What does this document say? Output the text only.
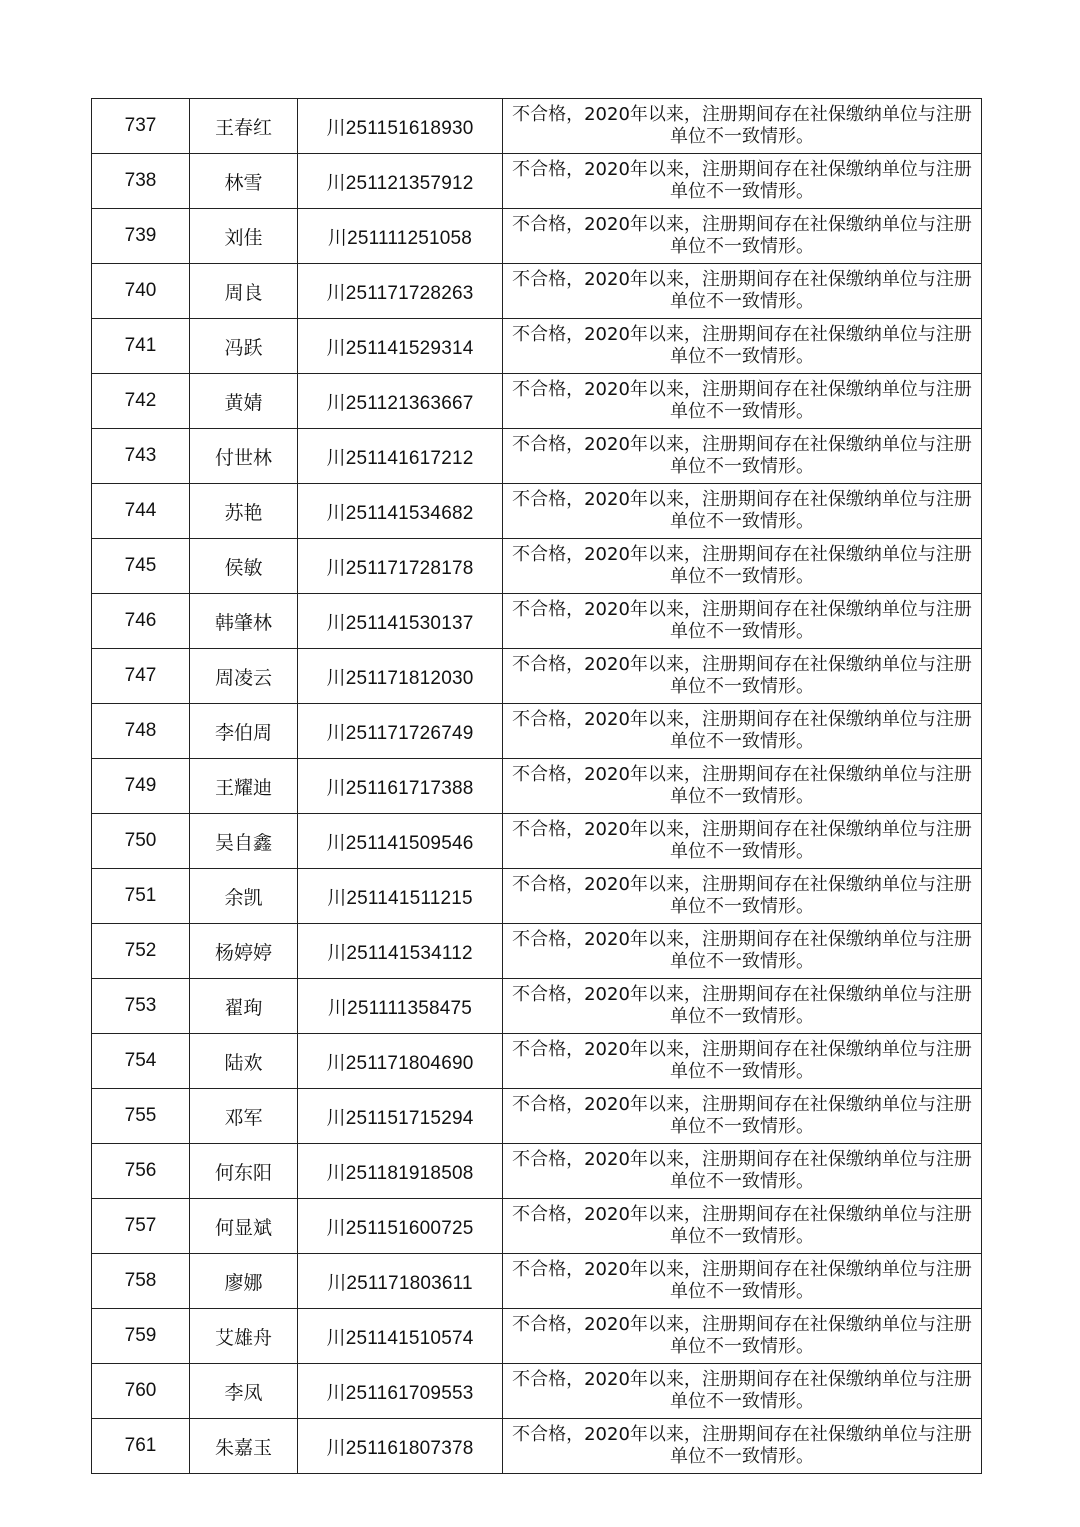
737	王春红	川251151618930	不合格，2020年以来，注册期间存在社保缴纳单位与注册单位不一致情形。
738	林雪	川251121357912	不合格，2020年以来，注册期间存在社保缴纳单位与注册单位不一致情形。
739	刘佳	川251111251058	不合格，2020年以来，注册期间存在社保缴纳单位与注册单位不一致情形。
740	周良	川251171728263	不合格，2020年以来，注册期间存在社保缴纳单位与注册单位不一致情形。
741	冯跃	川251141529314	不合格，2020年以来，注册期间存在社保缴纳单位与注册单位不一致情形。
742	黄婧	川251121363667	不合格，2020年以来，注册期间存在社保缴纳单位与注册单位不一致情形。
743	付世林	川251141617212	不合格，2020年以来，注册期间存在社保缴纳单位与注册单位不一致情形。
744	苏艳	川251141534682	不合格，2020年以来，注册期间存在社保缴纳单位与注册单位不一致情形。
745	侯敏	川251171728178	不合格，2020年以来，注册期间存在社保缴纳单位与注册单位不一致情形。
746	韩肇林	川251141530137	不合格，2020年以来，注册期间存在社保缴纳单位与注册单位不一致情形。
747	周凌云	川251171812030	不合格，2020年以来，注册期间存在社保缴纳单位与注册单位不一致情形。
748	李伯周	川251171726749	不合格，2020年以来，注册期间存在社保缴纳单位与注册单位不一致情形。
749	王耀迪	川251161717388	不合格，2020年以来，注册期间存在社保缴纳单位与注册单位不一致情形。
750	吴自鑫	川251141509546	不合格，2020年以来，注册期间存在社保缴纳单位与注册单位不一致情形。
751	余凯	川251141511215	不合格，2020年以来，注册期间存在社保缴纳单位与注册单位不一致情形。
752	杨婷婷	川251141534112	不合格，2020年以来，注册期间存在社保缴纳单位与注册单位不一致情形。
753	翟珣	川251111358475	不合格，2020年以来，注册期间存在社保缴纳单位与注册单位不一致情形。
754	陆欢	川251171804690	不合格，2020年以来，注册期间存在社保缴纳单位与注册单位不一致情形。
755	邓军	川251151715294	不合格，2020年以来，注册期间存在社保缴纳单位与注册单位不一致情形。
756	何东阳	川251181918508	不合格，2020年以来，注册期间存在社保缴纳单位与注册单位不一致情形。
757	何显斌	川251151600725	不合格，2020年以来，注册期间存在社保缴纳单位与注册单位不一致情形。
758	廖娜	川251171803611	不合格，2020年以来，注册期间存在社保缴纳单位与注册单位不一致情形。
759	艾雄舟	川251141510574	不合格，2020年以来，注册期间存在社保缴纳单位与注册单位不一致情形。
760	李凤	川251161709553	不合格，2020年以来，注册期间存在社保缴纳单位与注册单位不一致情形。
761	朱嘉玉	川251161807378	不合格，2020年以来，注册期间存在社保缴纳单位与注册单位不一致情形。
